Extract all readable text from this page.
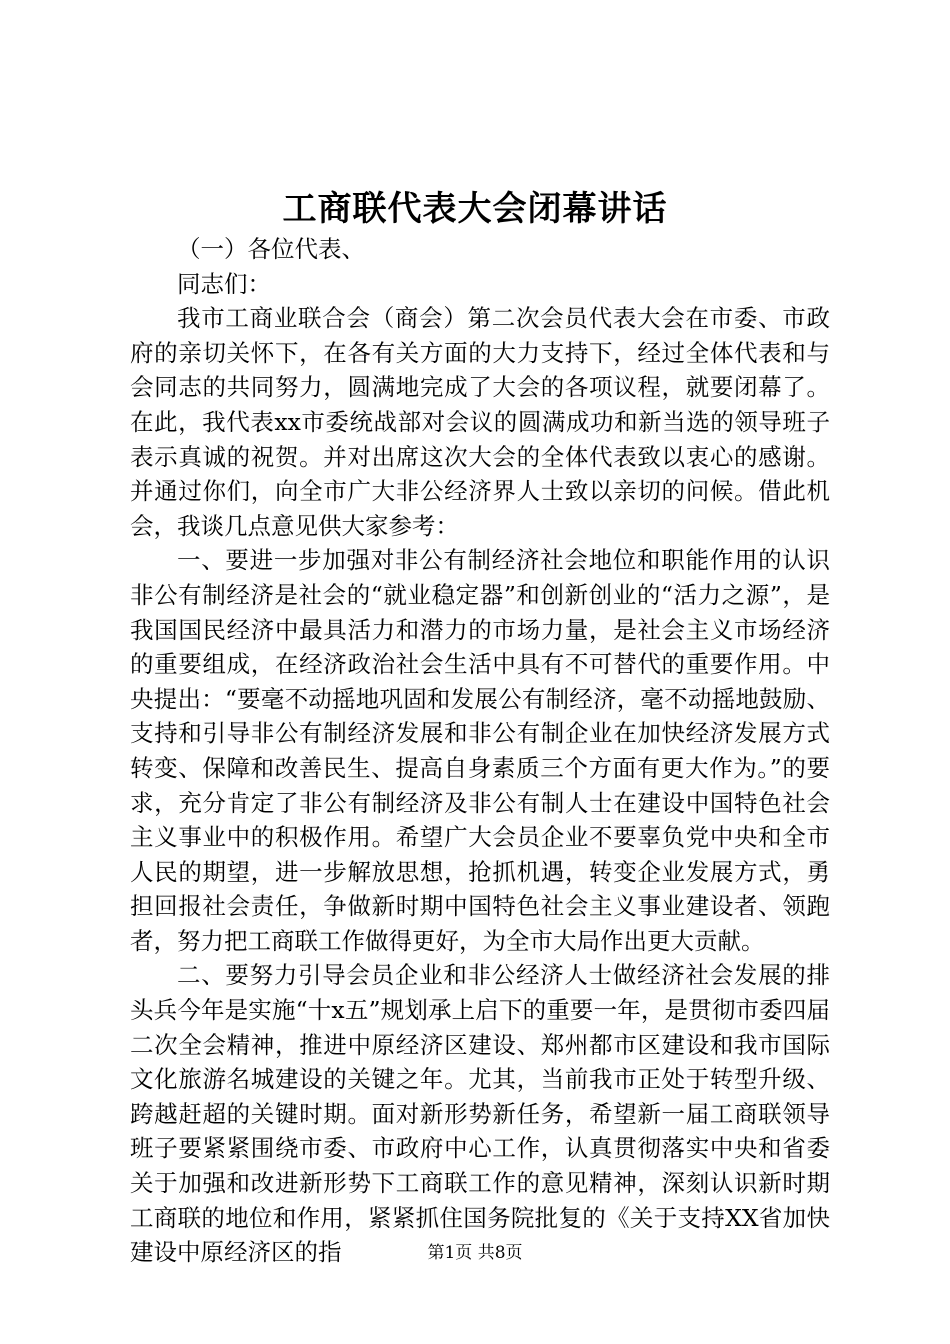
工商联代表大会闭幕讲话

（一）各位代表、

同志们：

我市工商业联合会（商会）第二次会员代表大会在市委、市政府的亲切关怀下，在各有关方面的大力支持下，经过全体代表和与会同志的共同努力，圆满地完成了大会的各项议程，就要闭幕了。在此，我代表xx市委统战部对会议的圆满成功和新当选的领导班子表示真诚的祝贺。并对出席这次大会的全体代表致以衷心的感谢。并通过你们，向全市广大非公经济界人士致以亲切的问候。借此机会，我谈几点意见供大家参考：

一、要进一步加强对非公有制经济社会地位和职能作用的认识非公有制经济是社会的“就业稳定器”和创新创业的“活力之源”，是我国国民经济中最具活力和潜力的市场力量，是社会主义市场经济的重要组成，在经济政治社会生活中具有不可替代的重要作用。中央提出：“要毫不动摇地巩固和发展公有制经济，毫不动摇地鼓励、支持和引导非公有制经济发展和非公有制企业在加快经济发展方式转变、保障和改善民生、提高自身素质三个方面有更大作为。”的要求，充分肯定了非公有制经济及非公有制人士在建设中国特色社会主义事业中的积极作用。希望广大会员企业不要辜负党中央和全市人民的期望，进一步解放思想，抢抓机遇，转变企业发展方式，勇担回报社会责任，争做新时期中国特色社会主义事业建设者、领跑者，努力把工商联工作做得更好，为全市大局作出更大贡献。

二、要努力引导会员企业和非公经济人士做经济社会发展的排头兵今年是实施“十x五”规划承上启下的重要一年，是贯彻市委四届二次全会精神，推进中原经济区建设、郑州都市区建设和我市国际文化旅游名城建设的关键之年。尤其，当前我市正处于转型升级、跨越赶超的关键时期。面对新形势新任务，希望新一届工商联领导班子要紧紧围绕市委、市政府中心工作，认真贯彻落实中央和省委关于加强和改进新形势下工商联工作的意见精神，深刻认识新时期工商联的地位和作用，紧紧抓住国务院批复的《关于支持XX省加快建设中原经济区的指	第1页 共8页
